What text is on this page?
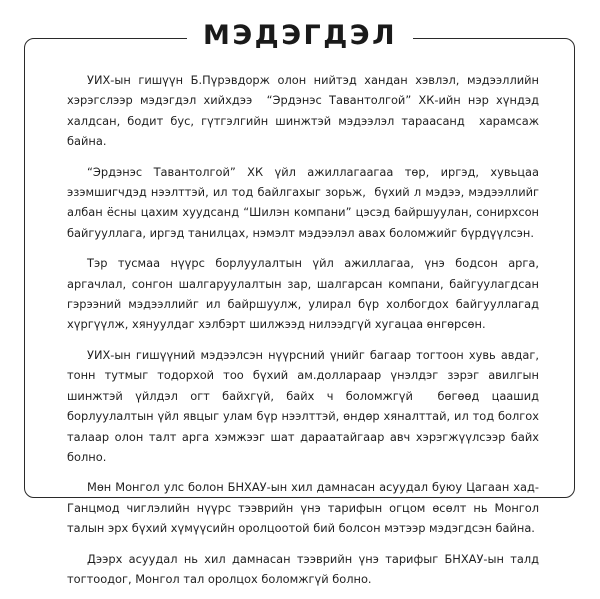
МЭДЭГДЭЛ

УИХ-ын гишүүн Б.Пүрэвдорж олон нийтэд хандан хэвлэл, мэдээллийн хэрэгслээр мэдэгдэл хийхдээ  “Эрдэнэс Тавантолгой” ХК-ийн нэр хүндэд халдсан, бодит бус, гүтгэлгийн шинжтэй мэдээлэл тараасанд  харамсаж байна.

“Эрдэнэс Тавантолгой” ХК үйл ажиллагаагаа төр, иргэд, хувьцаа эзэмшигчдэд нээлттэй, ил тод байлгахыг зорьж,  бүхий л мэдээ, мэдээллийг албан ёсны цахим хуудсанд “Шилэн компани” цэсэд байршуулан, сонирхсон байгууллага, иргэд танилцах, нэмэлт мэдээлэл авах боломжийг бүрдүүлсэн.

Тэр тусмаа нүүрс борлуулалтын үйл ажиллагаа, үнэ бодсон арга, аргачлал, сонгон шалгаруулалтын зар, шалгарсан компани, байгуулагдсан гэрээний мэдээллийг ил байршуулж, улирал бүр холбогдох байгууллагад хүргүүлж, хянуулдаг хэлбэрт шилжээд нилээдгүй хугацаа өнгөрсөн.

УИХ-ын гишүүний мэдээлсэн нүүрсний үнийг багаар тогтоон хувь авдаг, тонн тутмыг тодорхой тоо бүхий ам.доллараар үнэлдэг зэрэг авилгын шинжтэй үйлдэл огт байхгүй, байх ч боломжгүй  бөгөөд цаашид борлуулалтын үйл явцыг улам бүр нээлттэй, өндөр хяналттай, ил тод болгох талаар олон талт арга хэмжээг шат дараатайгаар авч хэрэгжүүлсээр байх болно.

Мөн Монгол улс болон БНХАУ-ын хил дамнасан асуудал буюу Цагаан хад-Ганцмод чиглэлийн нүүрс тээврийн үнэ тарифын огцом өсөлт нь Монгол талын эрх бүхий хүмүүсийн оролцоотой бий болсон мэтээр мэдэгдсэн байна.

Дээрх асуудал нь хил дамнасан тээврийн үнэ тарифыг БНХАУ-ын талд тогтоодог, Монгол тал оролцох боломжгүй болно.
